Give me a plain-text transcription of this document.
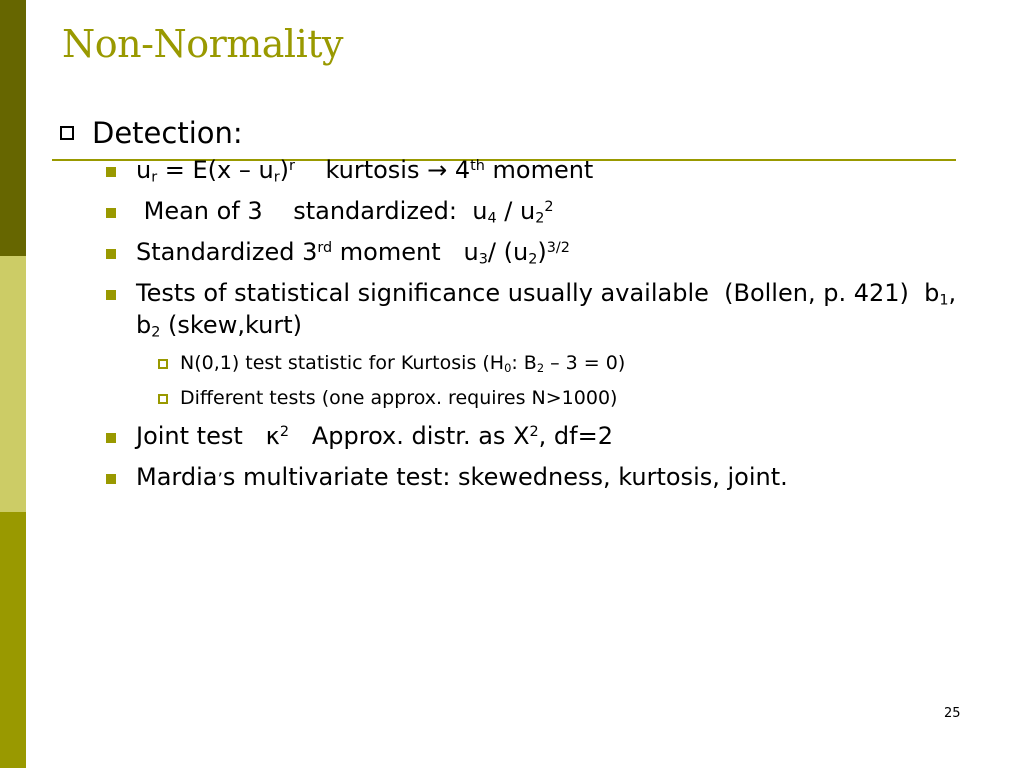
Non-Normality
Detection:
$u_r = E(x - u_r)^r$    kurtosis → 4th moment
Mean of 3    standardized:  $u_4 / u_2^2$
Standardized 3rd moment   $u_3/$ $(u_2)^{3/2}$
Tests of statistical significance usually available  (Bollen, p. 421)  $b_1$, $b_2$ (skew,kurt)
N(0,1) test statistic for Kurtosis ($H_0$: $B_2 - 3 = 0$)
Different tests (one approx. requires N>1000)
Joint test   $\kappa^2$   Approx. distr. as $X^2$, df=2
Mardia’s multivariate test: skewedness, kurtosis, joint.
25
